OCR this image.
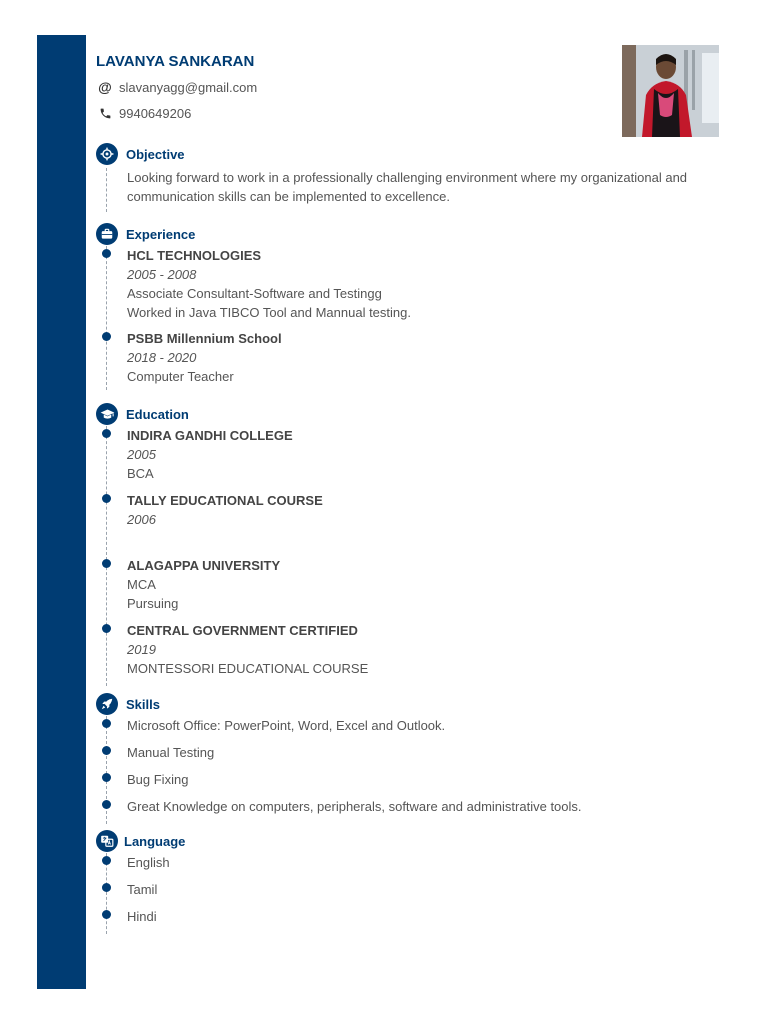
LAVANYA SANKARAN
@ slavanyagg@gmail.com
9940649206
Objective
Looking forward to work in a professionally challenging environment where my organizational and communication skills can be implemented to excellence.
Experience
HCL TECHNOLOGIES
2005 - 2008
Associate Consultant-Software and Testingg
Worked in Java TIBCO Tool and Mannual testing.
PSBB Millennium School
2018 - 2020
Computer Teacher
Education
INDIRA GANDHI COLLEGE
2005
BCA
TALLY EDUCATIONAL COURSE
2006
ALAGAPPA UNIVERSITY
MCA
Pursuing
CENTRAL GOVERNMENT CERTIFIED
2019
MONTESSORI EDUCATIONAL COURSE
Skills
Microsoft Office: PowerPoint, Word, Excel and Outlook.
Manual Testing
Bug Fixing
Great Knowledge on computers, peripherals, software and administrative tools.
Language
English
Tamil
Hindi
